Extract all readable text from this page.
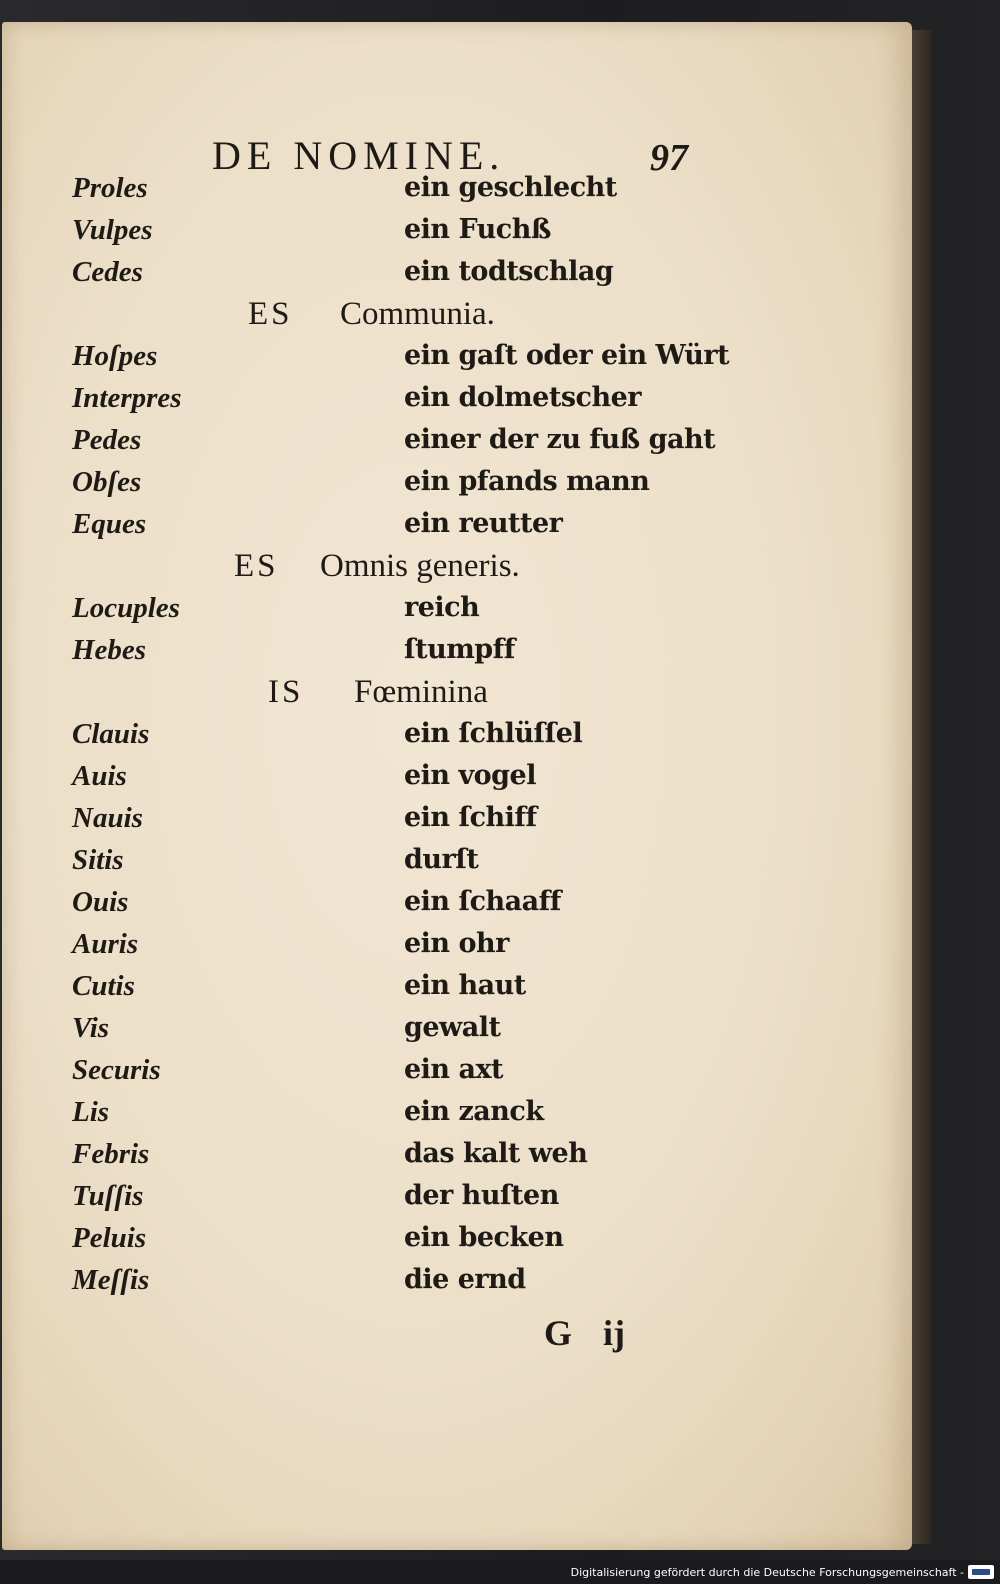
DE NOMINE.	97
Proles	ein geschlecht
Vulpes	ein Fuchß
Cedes	ein todtschlag
ES Communia.
Hoſpes	ein gaſt oder ein Würt
Interpres	ein dolmetscher
Pedes	einer der zu fuß gaht
Obſes	ein pfands mann
Eques	ein reutter
ES Omnis generis.
Locuples	reich
Hebes	ſtumpff
IS Fœminina
Clauis	ein ſchlüſſel
Auis	ein vogel
Nauis	ein ſchiff
Sitis	durſt
Ouis	ein ſchaaff
Auris	ein ohr
Cutis	ein haut
Vis	gewalt
Securis	ein axt
Lis	ein zanck
Febris	das kalt weh
Tuſſis	der huſten
Peluis	ein becken
Meſſis	die ernd
G ij
Digitalisierung gefördert durch die Deutsche Forschungsgemeinschaft -
